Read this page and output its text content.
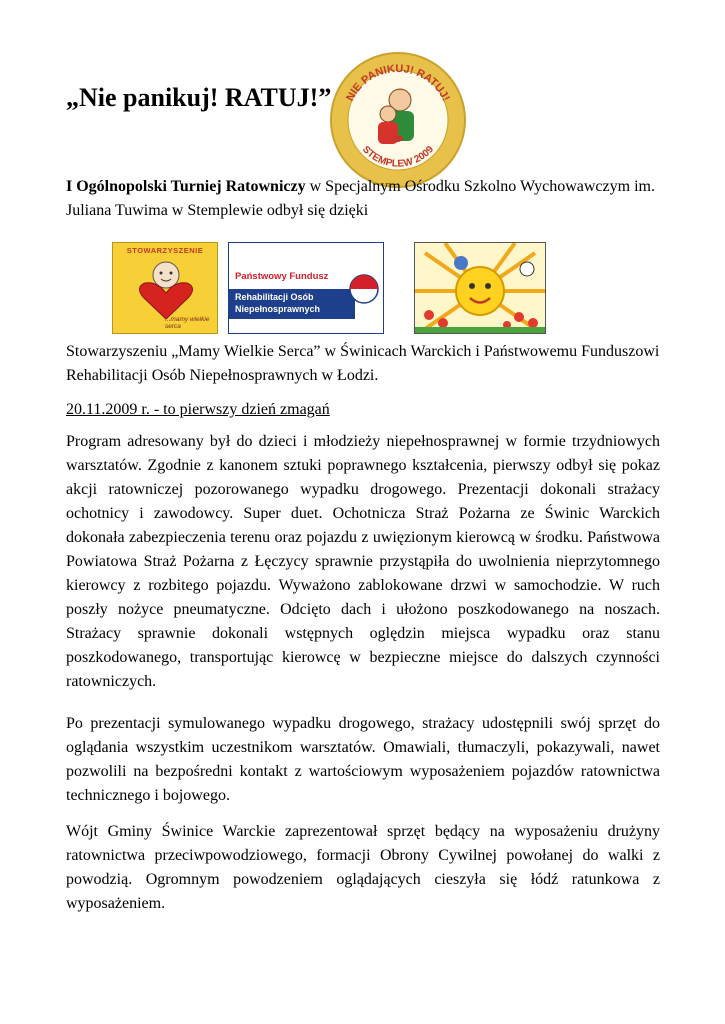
„Nie panikuj! RATUJ!” NIE PANIKUJ! RATUJ!
STEMPLEW 2009

I Ogólnopolski Turniej Ratowniczy w Specjalnym Ośrodku Szkolno Wychowawczym im. Juliana Tuwima w Stemplewie odbył się dzięki

STOWARZYSZENIE
...mamy wielkie serca
Państwowy Fundusz
Rehabilitacji Osób
Niepełnosprawnych

Stowarzyszeniu „Mamy Wielkie Serca” w Świnicach Warckich i Państwowemu Funduszowi Rehabilitacji Osób Niepełnosprawnych w Łodzi.

20.11.2009 r. - to pierwszy dzień zmagań

Program adresowany był do dzieci i młodzieży niepełnosprawnej w formie trzydniowych warsztatów. Zgodnie z kanonem sztuki poprawnego kształcenia, pierwszy odbył się pokaz akcji ratowniczej pozorowanego wypadku drogowego. Prezentacji dokonali strażacy ochotnicy i zawodowcy. Super duet. Ochotnicza Straż Pożarna ze Świnic Warckich dokonała zabezpieczenia terenu oraz pojazdu z uwięzionym kierowcą w środku. Państwowa Powiatowa Straż Pożarna z Łęczycy sprawnie przystąpiła do uwolnienia nieprzytomnego kierowcy z rozbitego pojazdu. Wyważono zablokowane drzwi w samochodzie. W ruch poszły nożyce pneumatyczne. Odcięto dach i ułożono poszkodowanego na noszach. Strażacy sprawnie dokonali wstępnych oględzin miejsca wypadku oraz stanu poszkodowanego, transportując kierowcę w bezpieczne miejsce do dalszych czynności ratowniczych.

Po prezentacji symulowanego wypadku drogowego, strażacy udostępnili swój sprzęt do oglądania wszystkim uczestnikom warsztatów. Omawiali, tłumaczyli, pokazywali, nawet pozwolili na bezpośredni kontakt z wartościowym wyposażeniem pojazdów ratownictwa technicznego i bojowego.

Wójt Gminy Świnice Warckie zaprezentował sprzęt będący na wyposażeniu drużyny ratownictwa przeciwpowodziowego, formacji Obrony Cywilnej powołanej do walki z powodzią. Ogromnym powodzeniem oglądających cieszyła się łódź ratunkowa z wyposażeniem.
